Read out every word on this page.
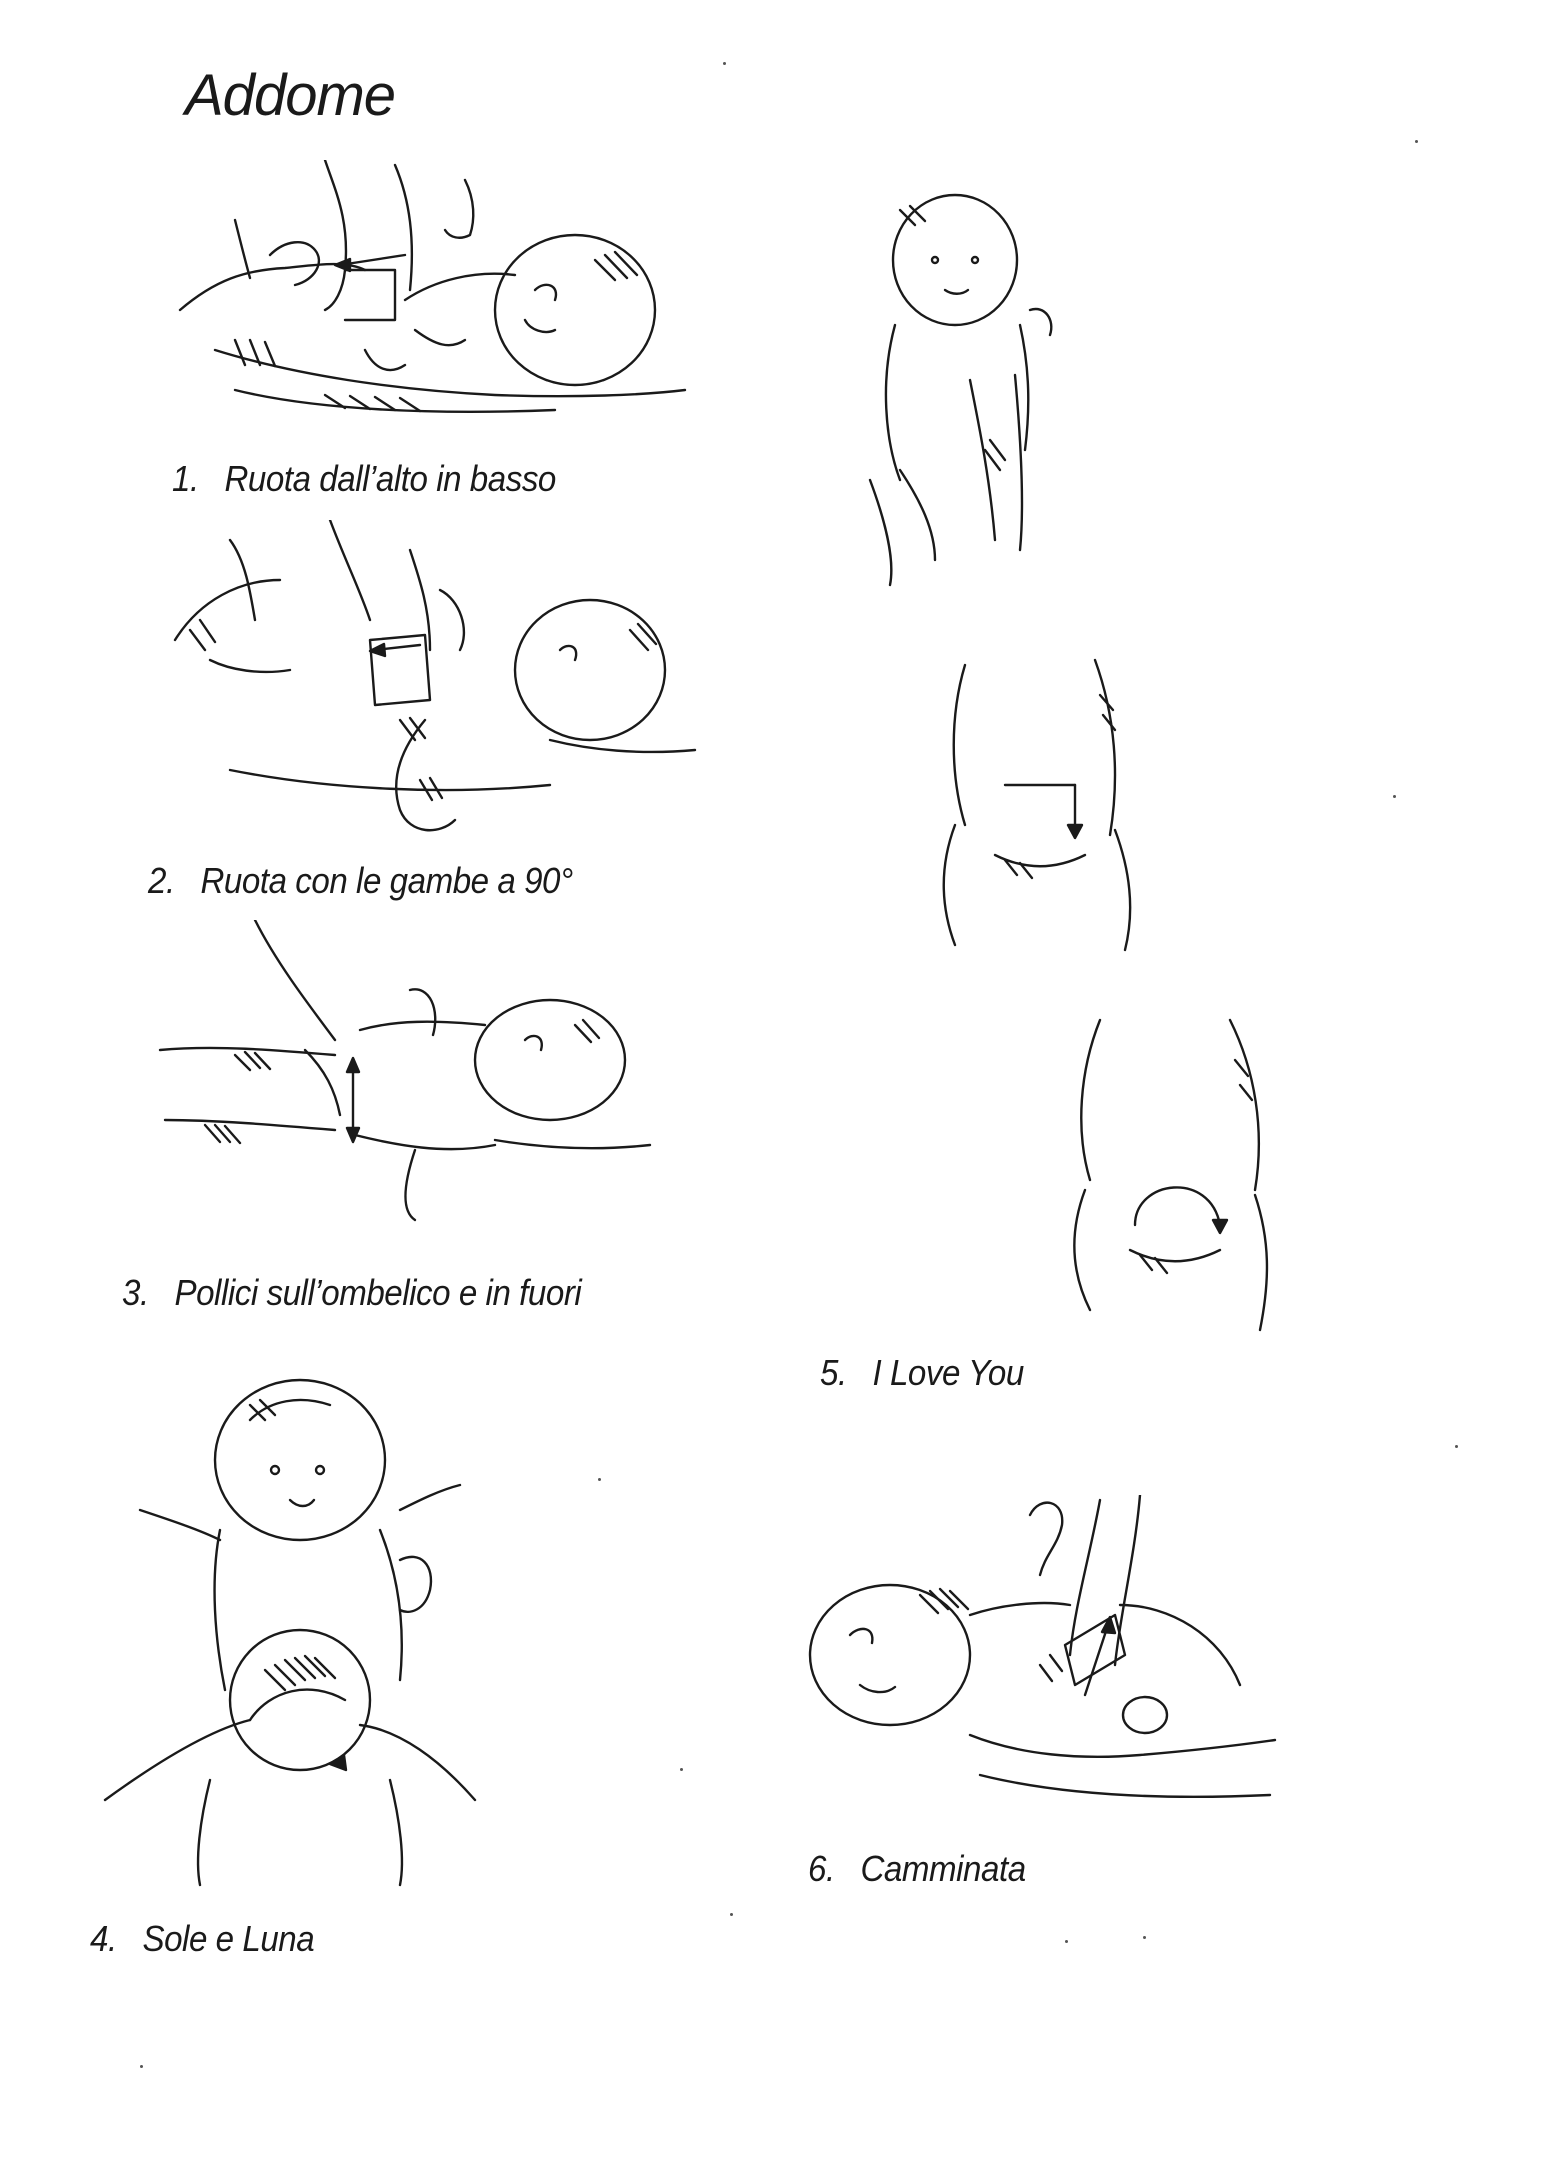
Addome
1. Ruota dall’alto in basso
2. Ruota con le gambe a 90°
3. Pollici sull’ombelico e in fuori
4. Sole e Luna
5. I Love You
6. Camminata
